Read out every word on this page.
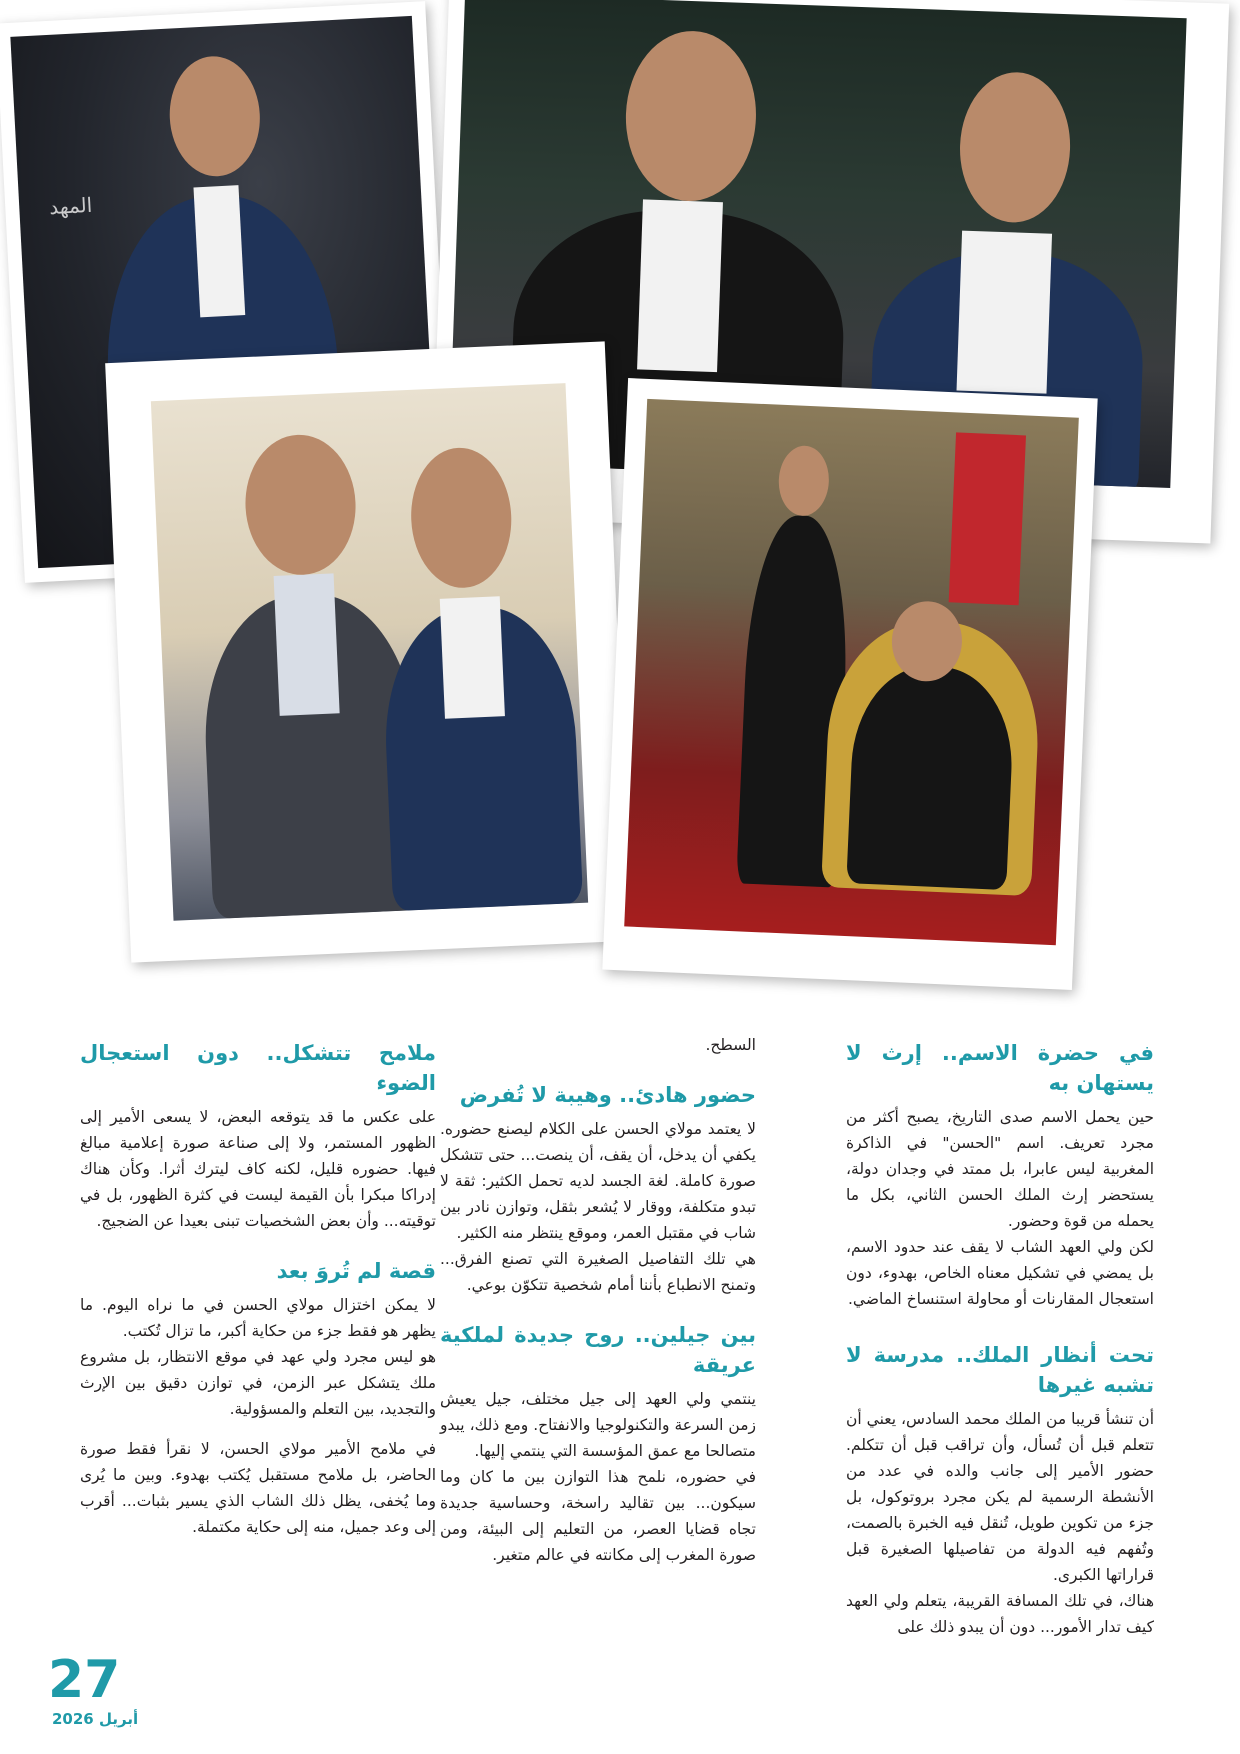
المهد
في حضرة الاسم.. إرث لا يستهان به

حين يحمل الاسم صدى التاريخ، يصبح أكثر من مجرد تعريف. اسم "الحسن" في الذاكرة المغربية ليس عابرا، بل ممتد في وجدان دولة، يستحضر إرث الملك الحسن الثاني، بكل ما يحمله من قوة وحضور.

لكن ولي العهد الشاب لا يقف عند حدود الاسم، بل يمضي في تشكيل معناه الخاص، بهدوء، دون استعجال المقارنات أو محاولة استنساخ الماضي.

تحت أنظار الملك.. مدرسة لا تشبه غيرها

أن تنشأ قريبا من الملك محمد السادس، يعني أن تتعلم قبل أن تُسأل، وأن تراقب قبل أن تتكلم. حضور الأمير إلى جانب والده في عدد من الأنشطة الرسمية لم يكن مجرد بروتوكول، بل جزء من تكوين طويل، تُنقل فيه الخبرة بالصمت، وتُفهم فيه الدولة من تفاصيلها الصغيرة قبل قراراتها الكبرى.

هناك، في تلك المسافة القريبة، يتعلم ولي العهد كيف تدار الأمور... دون أن يبدو ذلك على

السطح.

حضور هادئ.. وهيبة لا تُفرض

لا يعتمد مولاي الحسن على الكلام ليصنع حضوره. يكفي أن يدخل، أن يقف، أن ينصت... حتى تتشكل صورة كاملة. لغة الجسد لديه تحمل الكثير: ثقة لا تبدو متكلفة، ووقار لا يُشعر بثقل، وتوازن نادر بين شاب في مقتبل العمر، وموقع ينتظر منه الكثير.

هي تلك التفاصيل الصغيرة التي تصنع الفرق... وتمنح الانطباع بأننا أمام شخصية تتكوّن بوعي.

بين جيلين.. روح جديدة لملكية عريقة

ينتمي ولي العهد إلى جيل مختلف، جيل يعيش زمن السرعة والتكنولوجيا والانفتاح. ومع ذلك، يبدو متصالحا مع عمق المؤسسة التي ينتمي إليها.

في حضوره، نلمح هذا التوازن بين ما كان وما سيكون... بين تقاليد راسخة، وحساسية جديدة تجاه قضايا العصر، من التعليم إلى البيئة، ومن صورة المغرب إلى مكانته في عالم متغير.

ملامح تتشكل.. دون استعجال الضوء

على عكس ما قد يتوقعه البعض، لا يسعى الأمير إلى الظهور المستمر، ولا إلى صناعة صورة إعلامية مبالغ فيها. حضوره قليل، لكنه كاف ليترك أثرا. وكأن هناك إدراكا مبكرا بأن القيمة ليست في كثرة الظهور، بل في توقيته... وأن بعض الشخصيات تبنى بعيدا عن الضجيج.

قصة لم تُروَ بعد

لا يمكن اختزال مولاي الحسن في ما نراه اليوم. ما يظهر هو فقط جزء من حكاية أكبر، ما تزال تُكتب.

هو ليس مجرد ولي عهد في موقع الانتظار، بل مشروع ملك يتشكل عبر الزمن، في توازن دقيق بين الإرث والتجديد، بين التعلم والمسؤولية.

في ملامح الأمير مولاي الحسن، لا نقرأ فقط صورة الحاضر، بل ملامح مستقبل يُكتب بهدوء. وبين ما يُرى وما يُخفى، يظل ذلك الشاب الذي يسير بثبات... أقرب إلى وعد جميل، منه إلى حكاية مكتملة.

27
أبريل 2026
